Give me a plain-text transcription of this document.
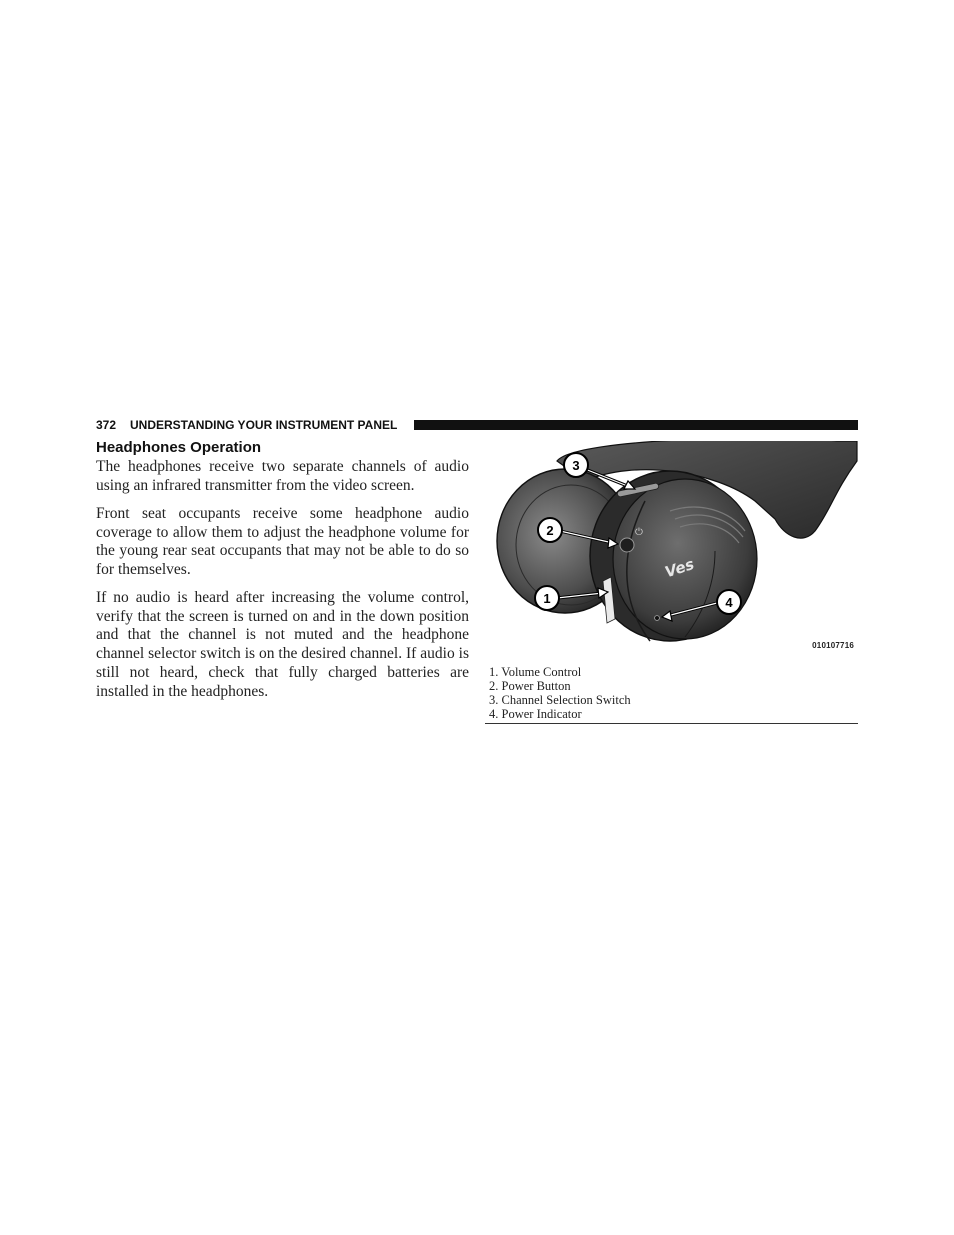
372 UNDERSTANDING YOUR INSTRUMENT PANEL
Headphones Operation

The headphones receive two separate channels of audio using an infrared transmitter from the video screen.

Front seat occupants receive some headphone audio coverage to allow them to adjust the headphone volume for the young rear seat occupants that may not be able to do so for themselves.

If no audio is heard after increasing the volume control, verify that the screen is turned on and in the down position and that the channel is not muted and the headphone channel selector switch is on the desired channel. If audio is still not heard, check that fully charged batteries are installed in the headphones.

⏻
Ves
3
2
1	4
010107716
1. Volume Control
2. Power Button
3. Channel Selection Switch
4. Power Indicator
